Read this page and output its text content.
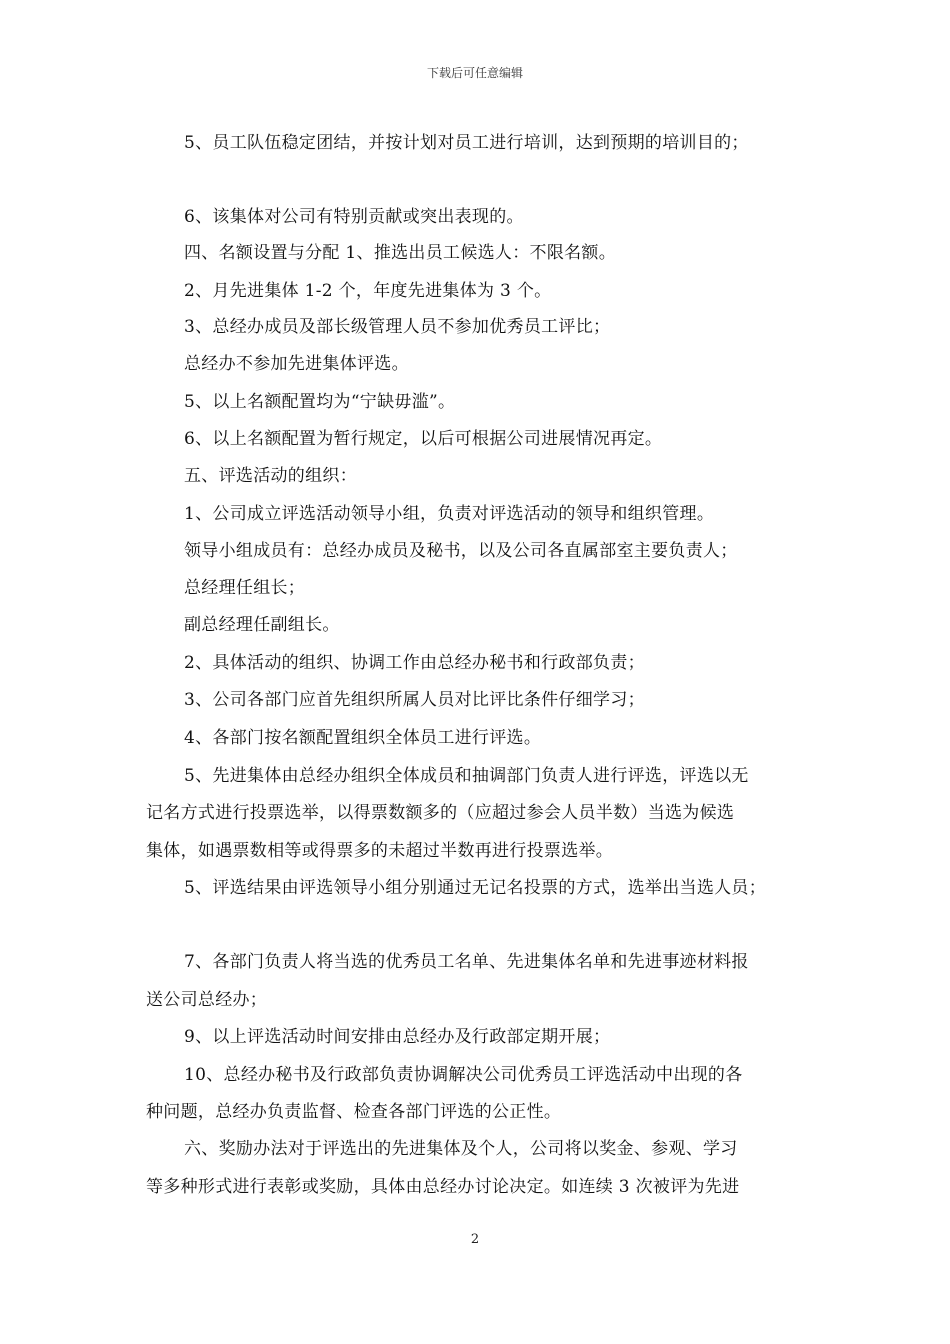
下载后可任意编辑
5、员工队伍稳定团结，并按计划对员工进行培训，达到预期的培训目的；
6、该集体对公司有特别贡献或突出表现的。
四、名额设置与分配 1、推选出员工候选人：不限名额。
2、月先进集体 1-2 个，年度先进集体为 3 个。
3、总经办成员及部长级管理人员不参加优秀员工评比；
总经办不参加先进集体评选。
5、以上名额配置均为“宁缺毋滥”。
6、以上名额配置为暂行规定，以后可根据公司进展情况再定。
五、评选活动的组织：
1、公司成立评选活动领导小组，负责对评选活动的领导和组织管理。
领导小组成员有：总经办成员及秘书，以及公司各直属部室主要负责人；
总经理任组长；
副总经理任副组长。
2、具体活动的组织、协调工作由总经办秘书和行政部负责；
3、公司各部门应首先组织所属人员对比评比条件仔细学习；
4、各部门按名额配置组织全体员工进行评选。
5、先进集体由总经办组织全体成员和抽调部门负责人进行评选，评选以无
记名方式进行投票选举，以得票数额多的（应超过参会人员半数）当选为候选
集体，如遇票数相等或得票多的未超过半数再进行投票选举。
5、评选结果由评选领导小组分别通过无记名投票的方式，选举出当选人员；
7、各部门负责人将当选的优秀员工名单、先进集体名单和先进事迹材料报
送公司总经办；
9、以上评选活动时间安排由总经办及行政部定期开展；
10、总经办秘书及行政部负责协调解决公司优秀员工评选活动中出现的各
种问题，总经办负责监督、检查各部门评选的公正性。
六、奖励办法对于评选出的先进集体及个人，公司将以奖金、参观、学习
等多种形式进行表彰或奖励，具体由总经办讨论决定。如连续 3 次被评为先进
2
